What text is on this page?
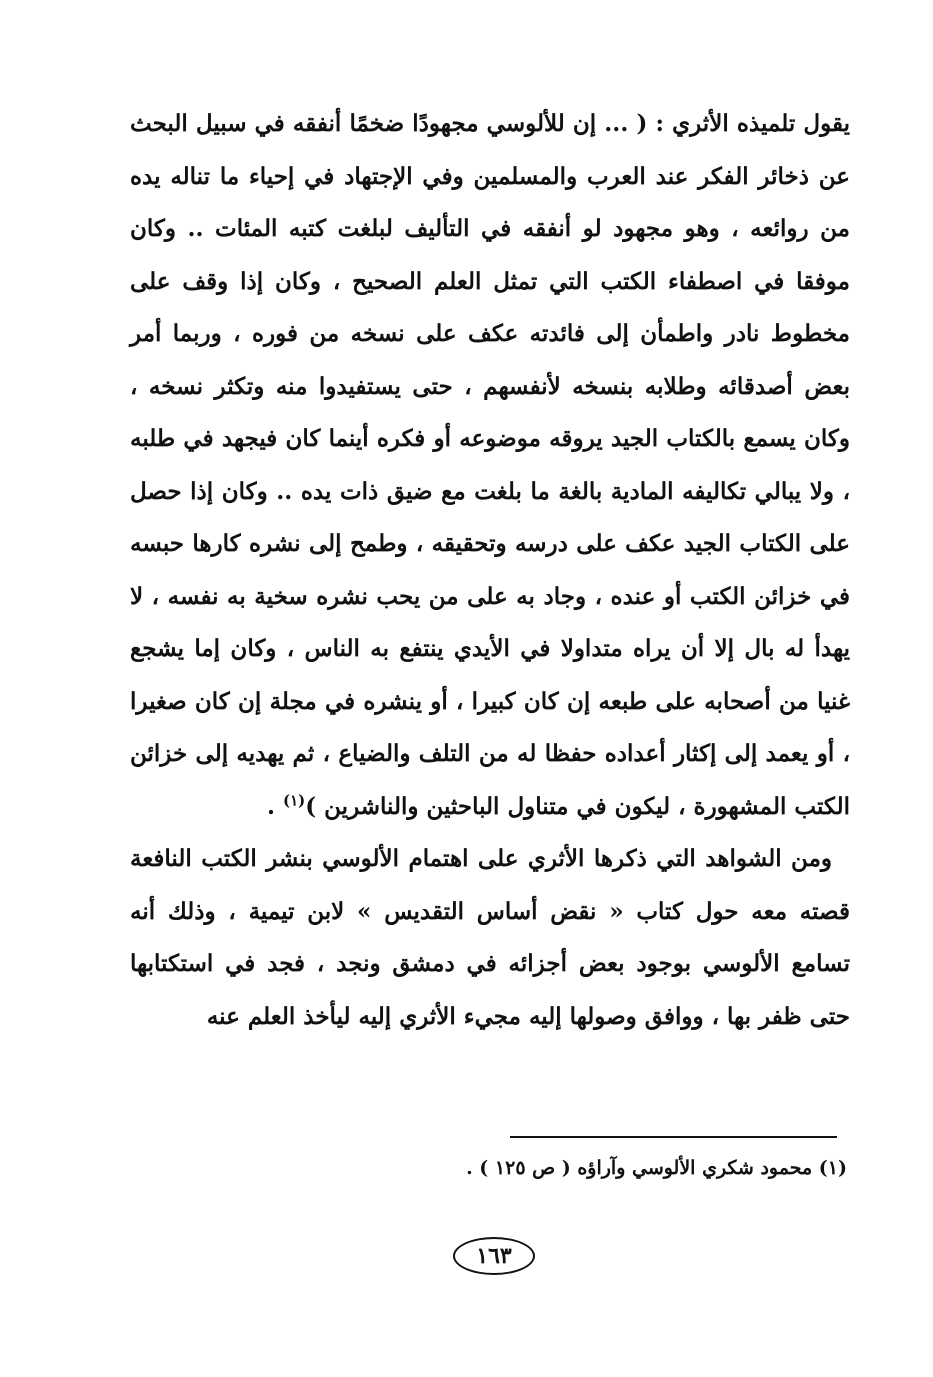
يقول تلميذه الأثري : ( ... إن للألوسي مجهودًا ضخمًا أنفقه في سبيل البحث عن ذخائر الفكر عند العرب والمسلمين وفي الإجتهاد في إحياء ما تناله يده من روائعه ، وهو مجهود لو أنفقه في التأليف لبلغت كتبه المئات .. وكان موفقا في اصطفاء الكتب التي تمثل العلم الصحيح ، وكان إذا وقف على مخطوط نادر واطمأن إلى فائدته عكف على نسخه من فوره ، وربما أمر بعض أصدقائه وطلابه بنسخه لأنفسهم ، حتى يستفيدوا منه وتكثر نسخه ، وكان يسمع بالكتاب الجيد يروقه موضوعه أو فكره أينما كان فيجهد في طلبه ، ولا يبالي تكاليفه المادية بالغة ما بلغت مع ضيق ذات يده .. وكان إذا حصل على الكتاب الجيد عكف على درسه وتحقيقه ، وطمح إلى نشره كارها حبسه في خزائن الكتب أو عنده ، وجاد به على من يحب نشره سخية به نفسه ، لا يهدأ له بال إلا أن يراه متداولا في الأيدي ينتفع به الناس ، وكان إما يشجع غنيا من أصحابه على طبعه إن كان كبيرا ، أو ينشره في مجلة إن كان صغيرا ، أو يعمد إلى إكثار أعداده حفظا له من التلف والضياع ، ثم يهديه إلى خزائن الكتب المشهورة ، ليكون في متناول الباحثين والناشرين )$^{(١)}$ .

ومن الشواهد التي ذكرها الأثري على اهتمام الألوسي بنشر الكتب النافعة قصته معه حول كتاب « نقض أساس التقديس » لابن تيمية ، وذلك أنه تسامع الألوسي بوجود بعض أجزائه في دمشق ونجد ، فجد في استكتابها حتى ظفر بها ، ووافق وصولها إليه مجيء الأثري إليه ليأخذ العلم عنه

(١) محمود شكري الألوسي وآراؤه ( ص ١٢٥ ) .
١٦٣
